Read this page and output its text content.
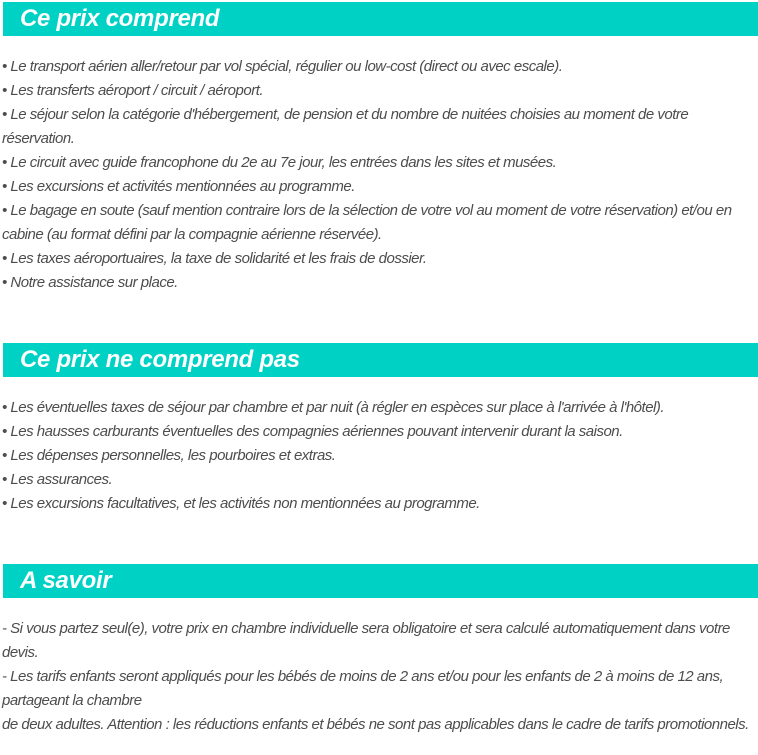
Ce prix comprend
• Le transport aérien aller/retour par vol spécial, régulier ou low-cost (direct ou avec escale).
• Les transferts aéroport / circuit / aéroport.
• Le séjour selon la catégorie d'hébergement, de pension et du nombre de nuitées choisies au moment de votre réservation.
• Le circuit avec guide francophone du 2e au 7e jour, les entrées dans les sites et musées.
• Les excursions et activités mentionnées au programme.
• Le bagage en soute (sauf mention contraire lors de la sélection de votre vol au moment de votre réservation) et/ou en cabine (au format défini par la compagnie aérienne réservée).
• Les taxes aéroportuaires, la taxe de solidarité et les frais de dossier.
• Notre assistance sur place.
Ce prix ne comprend pas
• Les éventuelles taxes de séjour par chambre et par nuit (à régler en espèces sur place à l'arrivée à l'hôtel).
• Les hausses carburants éventuelles des compagnies aériennes pouvant intervenir durant la saison.
• Les dépenses personnelles, les pourboires et extras.
• Les assurances.
• Les excursions facultatives, et les activités non mentionnées au programme.
A savoir
- Si vous partez seul(e), votre prix en chambre individuelle sera obligatoire et sera calculé automatiquement dans votre devis.
- Les tarifs enfants seront appliqués pour les bébés de moins de 2 ans et/ou pour les enfants de 2 à moins de 12 ans, partageant la chambre
de deux adultes. Attention : les réductions enfants et bébés ne sont pas applicables dans le cadre de tarifs promotionnels.
